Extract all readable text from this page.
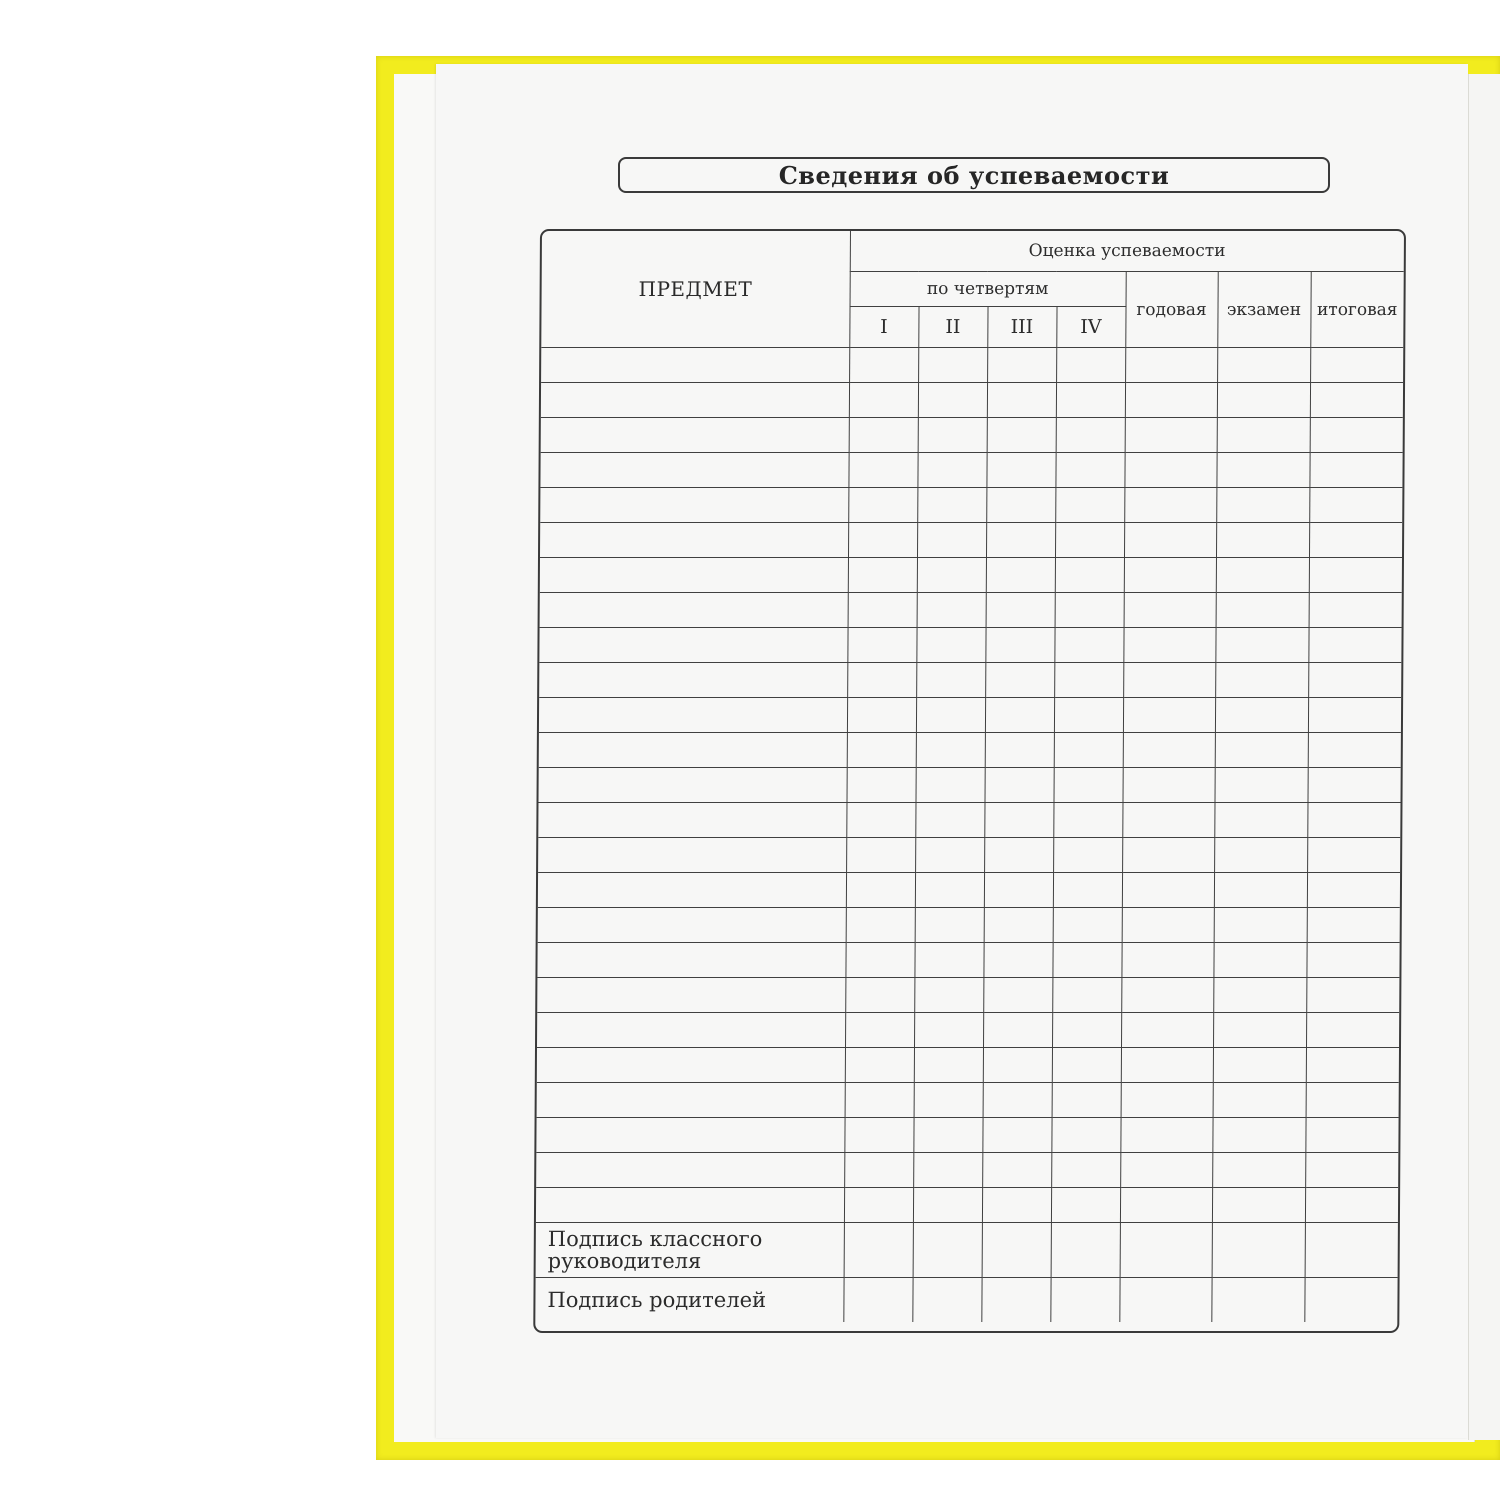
Сведения об успеваемости
ПРЕДМЕТ	Оценка успеваемости						
	по четвертям				годовая	экзамен	итоговая
	I	II	III	IV			

Подпись классного руководителя							
Подпись родителей							
